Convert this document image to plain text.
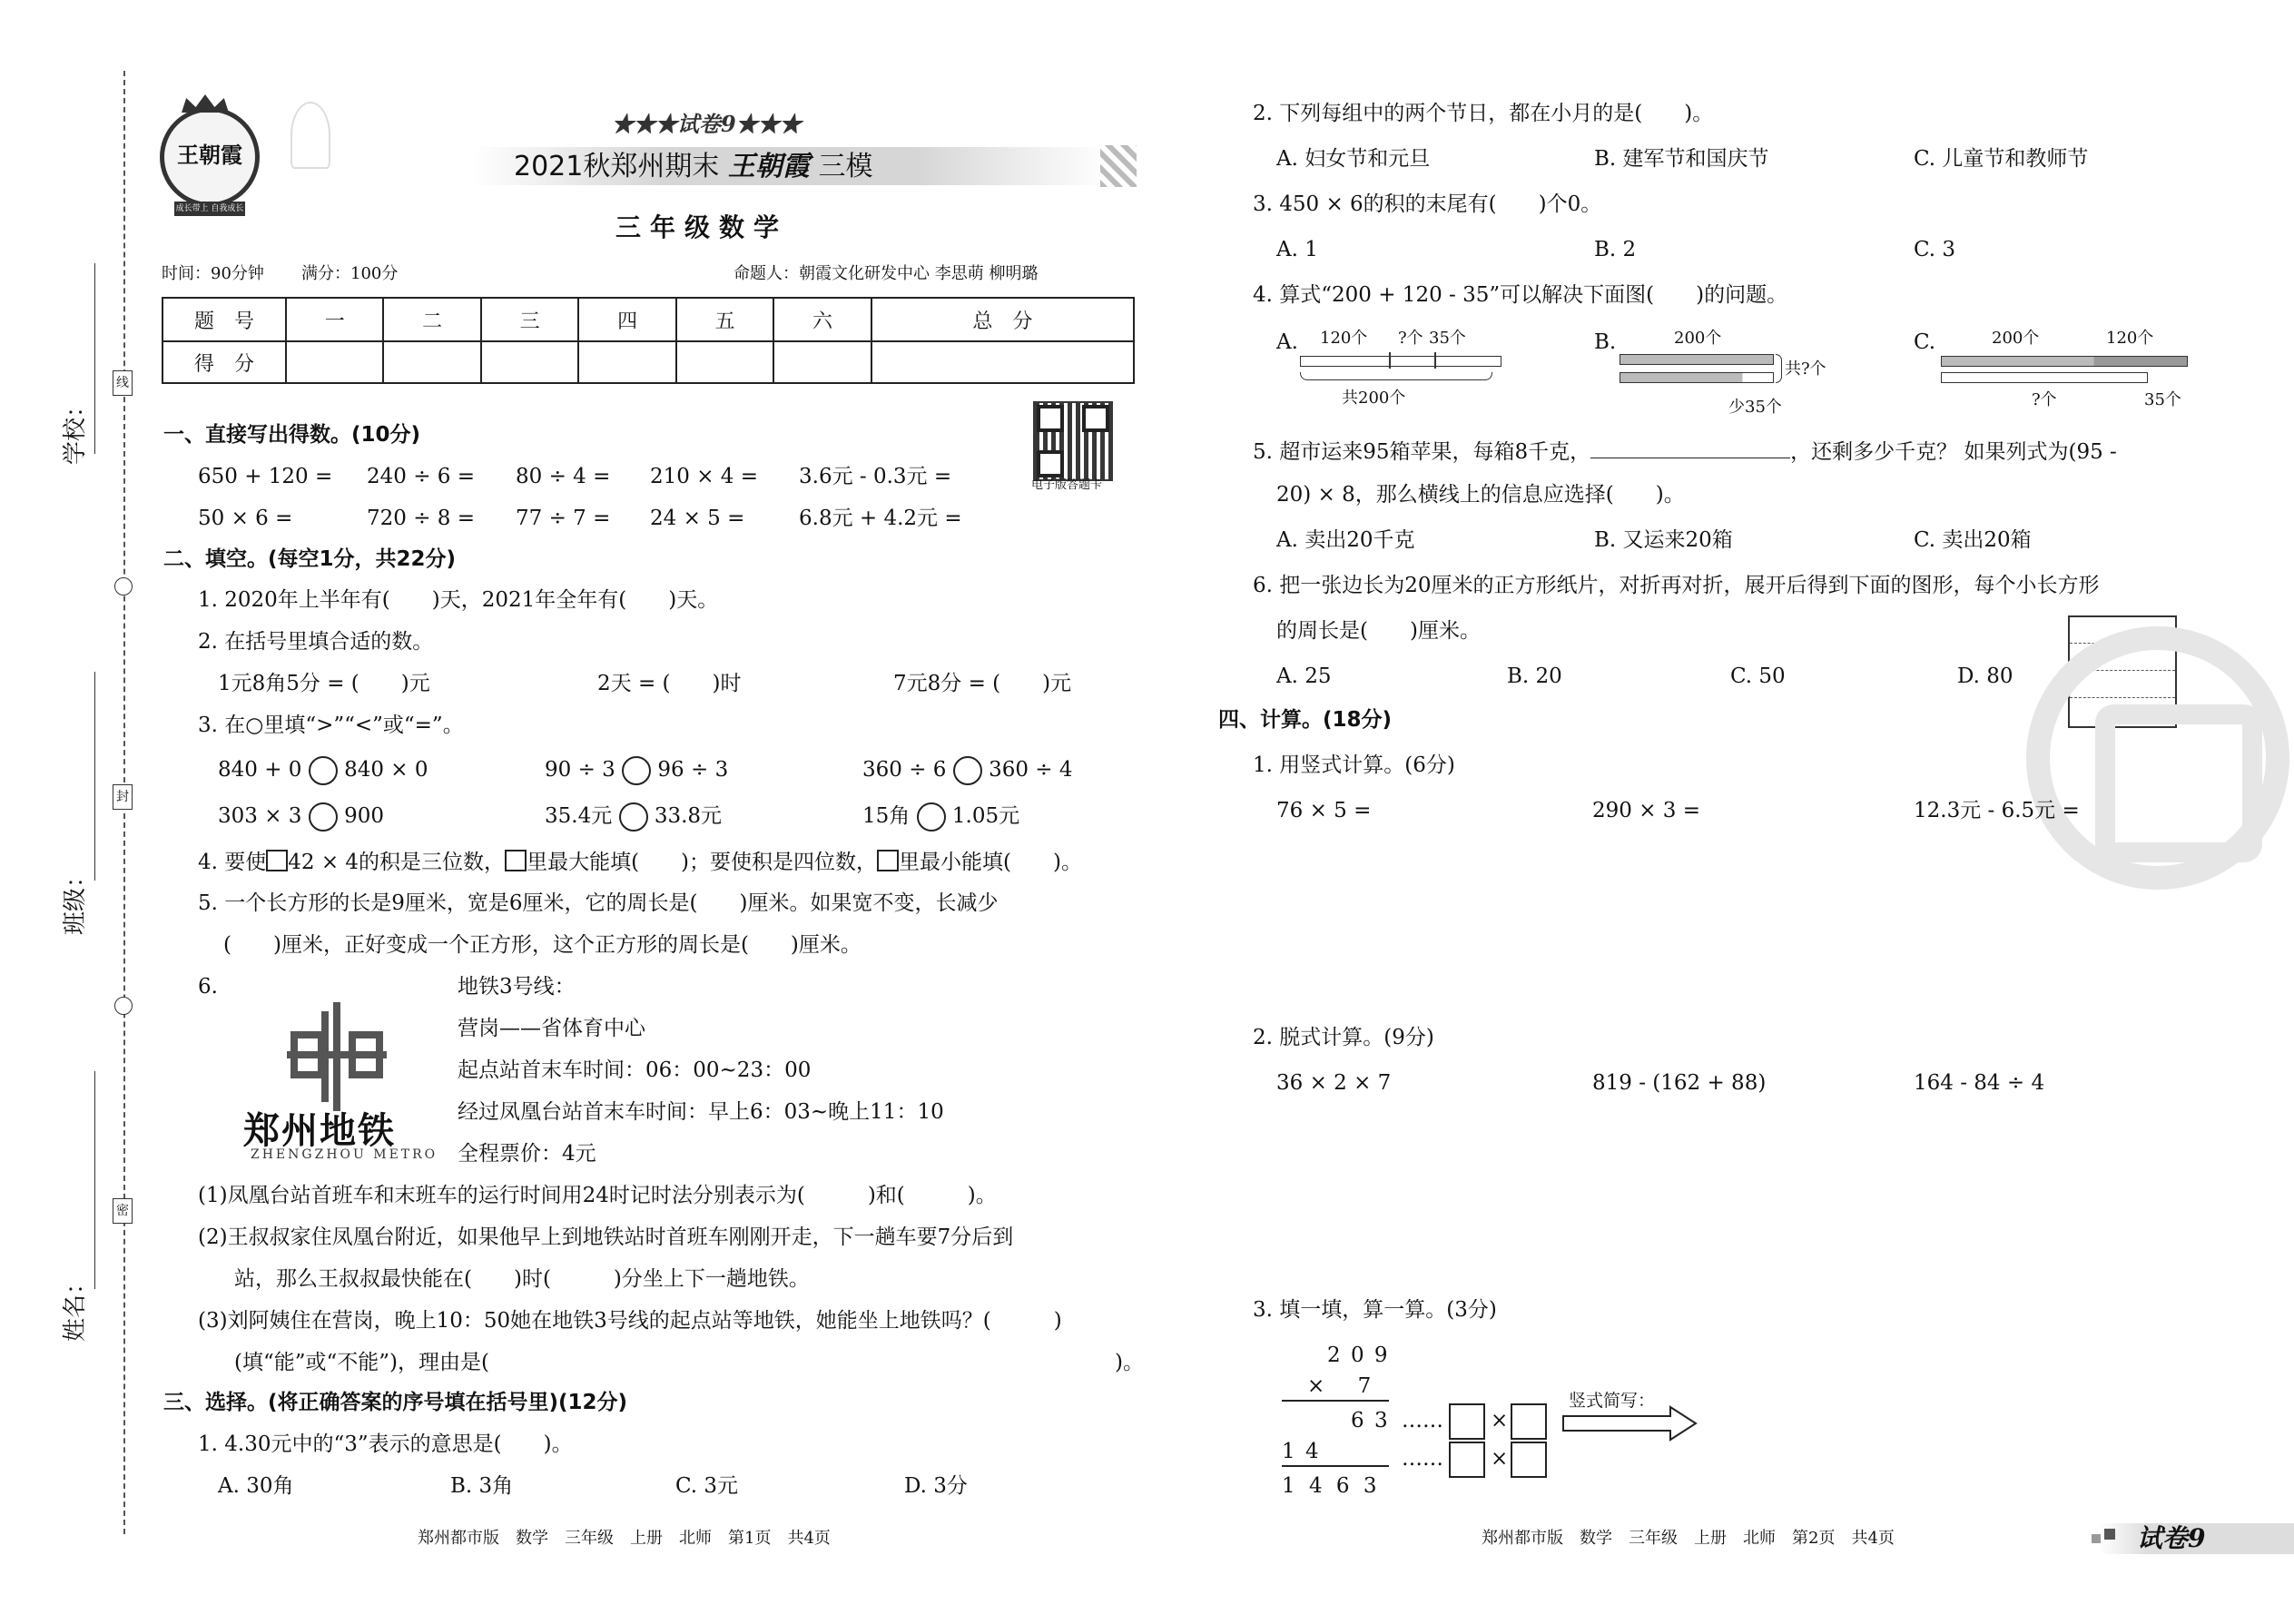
学校：
班级：
姓名：
线
封
密
王朝霞
成长带上 自我成长
★★★试卷9★★★
2021秋郑州期末 王朝霞 三模
三年级数学
时间：90分钟 满分：100分	命题人：朝霞文化研发中心 李思萌 柳明璐
题　号	一	二	三	四	五	六	总　分
得　分							
电子版答题卡
一、直接写出得数。(10分)
650 + 120 = 240 ÷ 6 = 80 ÷ 4 = 210 × 4 = 3.6元 - 0.3元 =
50 × 6 =	720 ÷ 8 = 77 ÷ 7 = 24 × 5 =	6.8元 + 4.2元 =
二、填空。(每空1分，共22分)
1. 2020年上半年有(　　)天，2021年全年有(　　)天。
2. 在括号里填合适的数。
1元8角5分 = (　　)元	2天 = (　　)时	7元8分 = (　　)元
3. 在○里填“>”“<”或“=”。
840 + 0 840 × 0	90 ÷ 3 96 ÷ 3	360 ÷ 6 360 ÷ 4
303 × 3 900	35.4元 33.8元	15角 1.05元
4. 要使 42 × 4的积是三位数， 里最大能填(　　)；要使积是四位数， 里最小能填(　　)。
5. 一个长方形的长是9厘米，宽是6厘米，它的周长是(　　)厘米。如果宽不变，长减少
(　　)厘米，正好变成一个正方形，这个正方形的周长是(　　)厘米。
6.
郑州地铁
ZHENGZHOU METRO
地铁3号线：
营岗——省体育中心
起点站首末车时间：06：00~23：00
经过凤凰台站首末车时间：早上6：03~晚上11：10
全程票价：4元
(1)凤凰台站首班车和末班车的运行时间用24时记时法分别表示为(　　　)和(　　　)。
(2)王叔叔家住凤凰台附近，如果他早上到地铁站时首班车刚刚开走，下一趟车要7分后到
站，那么王叔叔最快能在(　　)时(　　　)分坐上下一趟地铁。
(3)刘阿姨住在营岗，晚上10：50她在地铁3号线的起点站等地铁，她能坐上地铁吗？(　　　)
(填“能”或“不能”)，理由是(	)。
三、选择。(将正确答案的序号填在括号里)(12分)
1. 4.30元中的“3”表示的意思是(　　)。
A. 30角	B. 3角	C. 3元	D. 3分
郑州都市版　数学　三年级　上册　北师　第1页　共4页
2. 下列每组中的两个节日，都在小月的是(　　)。
A. 妇女节和元旦	B. 建军节和国庆节	C. 儿童节和教师节
3. 450 × 6的积的末尾有(　　)个0。
A. 1	B. 2	C. 3
4. 算式“200 + 120 - 35”可以解决下面图(　　)的问题。
A. 120个 ?个 35个
共200个
B.	200个
共?个
少35个
C.	200个	120个
?个	35个
5. 超市运来95箱苹果，每箱8千克，	，还剩多少千克？ 如果列式为(95 -
20) × 8，那么横线上的信息应选择(　　)。
A. 卖出20千克	B. 又运来20箱	C. 卖出20箱
6. 把一张边长为20厘米的正方形纸片，对折再对折，展开后得到下面的图形，每个小长方形
的周长是(　　)厘米。
A. 25	B. 20	C. 50	D. 80
四、计算。(18分)
1. 用竖式计算。(6分)
76 × 5 =	290 × 3 =	12.3元 - 6.5元 =
2. 脱式计算。(9分)
36 × 2 × 7	819 - (162 + 88)	164 - 84 ÷ 4
3. 填一填，算一算。(3分)
2 0 9
× 　7
6 3
1 4
1 4 6 3
…… ×
…… ×
竖式简写：
郑州都市版　数学　三年级　上册　北师　第2页　共4页	试卷9
